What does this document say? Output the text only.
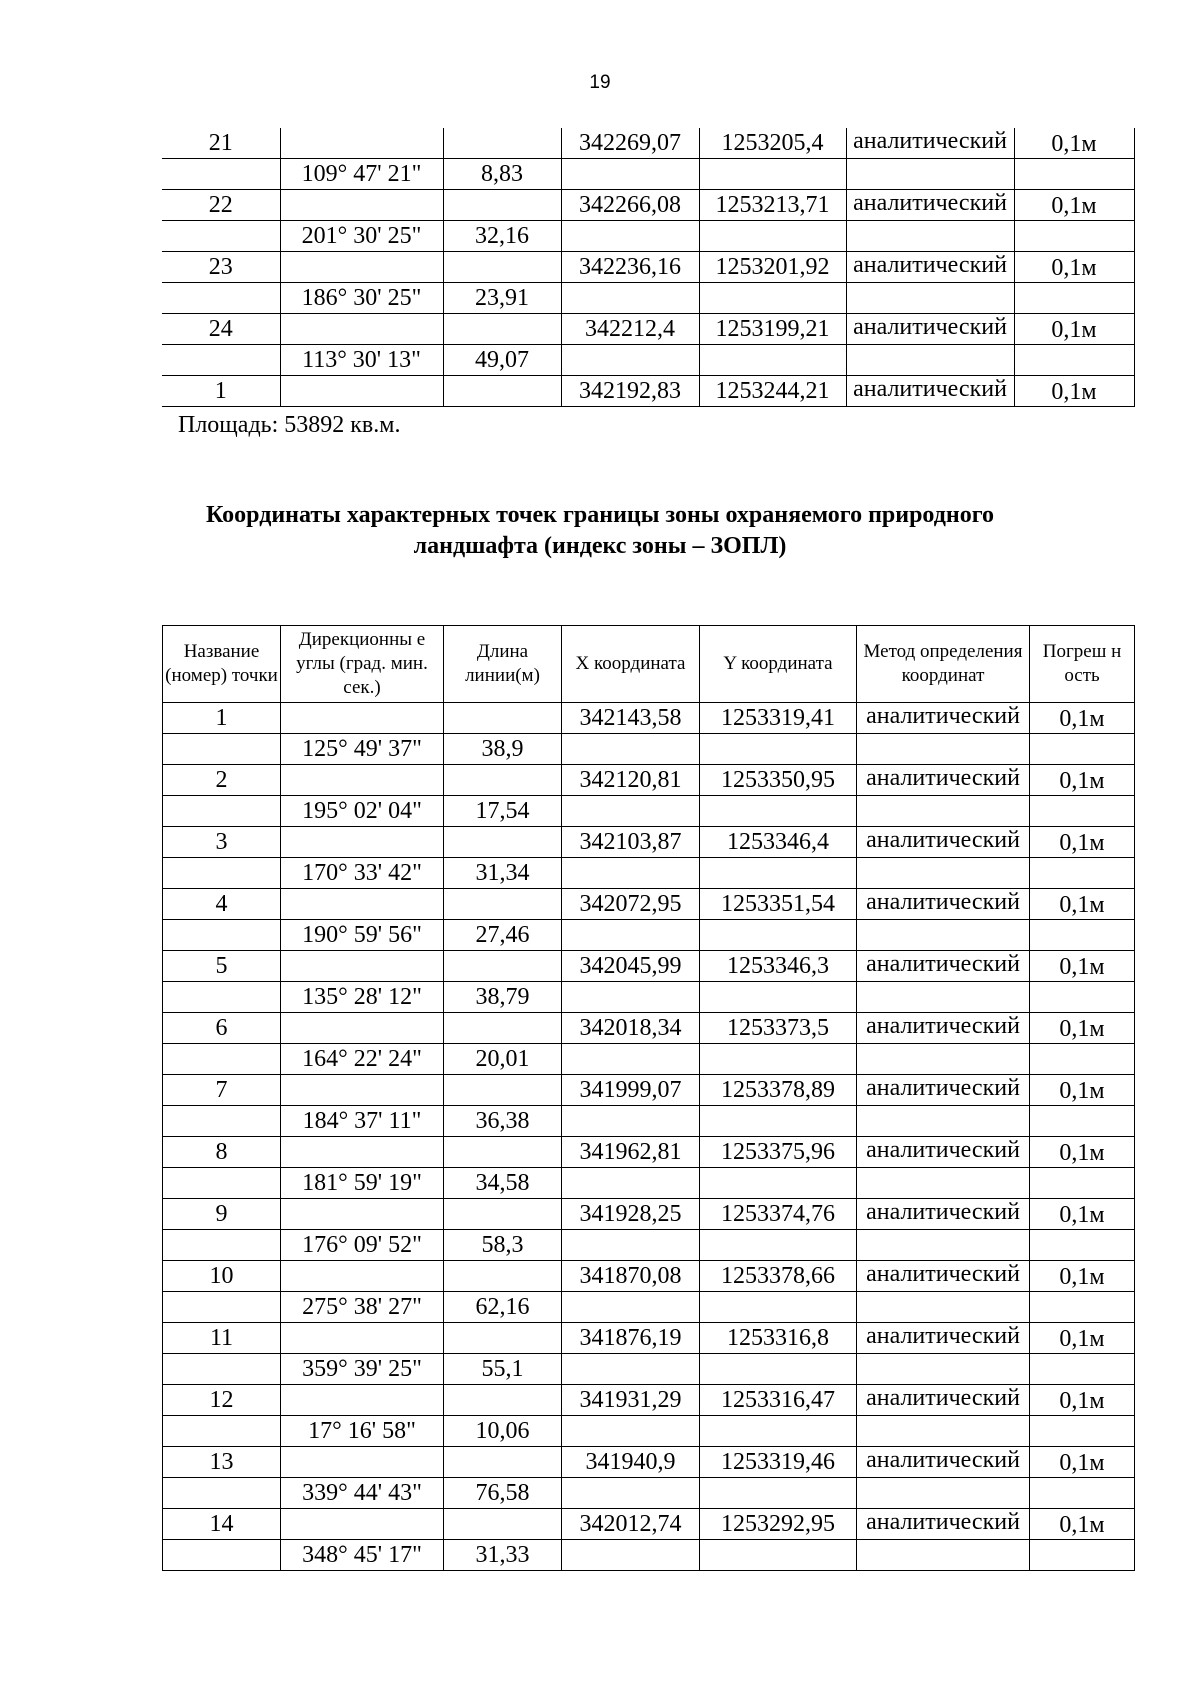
19
21			342269,07	1253205,4	аналитический	0,1м
	109° 47' 21"	8,83				
22			342266,08	1253213,71	аналитический	0,1м
	201° 30' 25"	32,16				
23			342236,16	1253201,92	аналитический	0,1м
	186° 30' 25"	23,91				
24			342212,4	1253199,21	аналитический	0,1м
	113° 30' 13"	49,07				
1			342192,83	1253244,21	аналитический	0,1м
Площадь: 53892 кв.м.
Координаты характерных точек границы зоны охраняемого природного ландшафта (индекс зоны – ЗОПЛ)
Название (номер) точки	Дирекционны е углы (град. мин. сек.)	Длина линии(м)	X координата	Y координата	Метод определения координат	Погреш н ость
1			342143,58	1253319,41	аналитический	0,1м
	125° 49' 37"	38,9				
2			342120,81	1253350,95	аналитический	0,1м
	195° 02' 04"	17,54				
3			342103,87	1253346,4	аналитический	0,1м
	170° 33' 42"	31,34				
4			342072,95	1253351,54	аналитический	0,1м
	190° 59' 56"	27,46				
5			342045,99	1253346,3	аналитический	0,1м
	135° 28' 12"	38,79				
6			342018,34	1253373,5	аналитический	0,1м
	164° 22' 24"	20,01				
7			341999,07	1253378,89	аналитический	0,1м
	184° 37' 11"	36,38				
8			341962,81	1253375,96	аналитический	0,1м
	181° 59' 19"	34,58				
9			341928,25	1253374,76	аналитический	0,1м
	176° 09' 52"	58,3				
10			341870,08	1253378,66	аналитический	0,1м
	275° 38' 27"	62,16				
11			341876,19	1253316,8	аналитический	0,1м
	359° 39' 25"	55,1				
12			341931,29	1253316,47	аналитический	0,1м
	17° 16' 58"	10,06				
13			341940,9	1253319,46	аналитический	0,1м
	339° 44' 43"	76,58				
14			342012,74	1253292,95	аналитический	0,1м
	348° 45' 17"	31,33				
